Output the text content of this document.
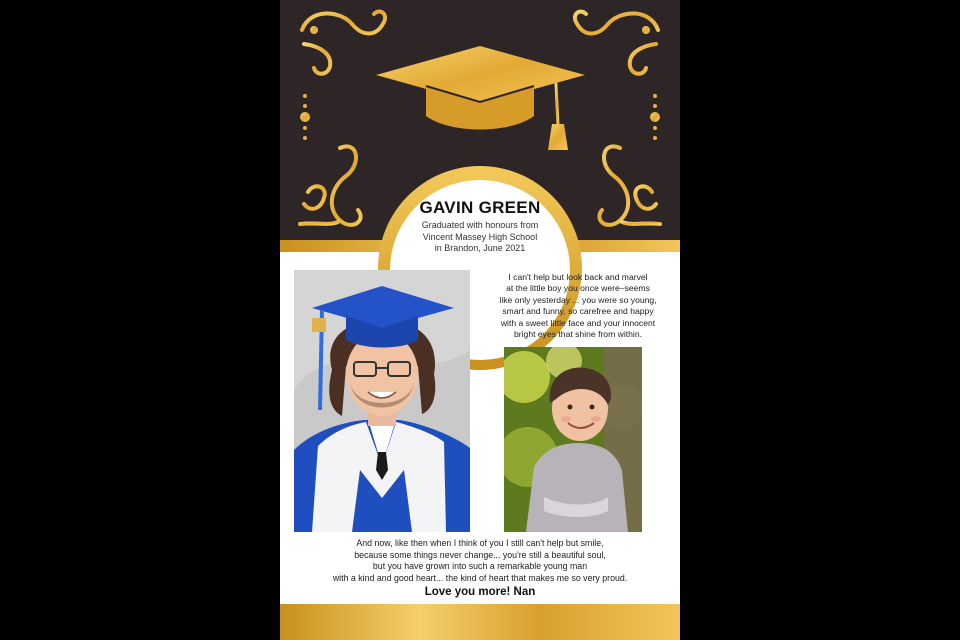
GAVIN GREEN
Graduated with honours from
Vincent Massey High School
in Brandon, June 2021
I can't help but look back and marvel
at the little boy you once were–seems
like only yesterday ... you were so young,
smart and funny, so carefree and happy
with a sweet little face and your innocent
bright eyes that shine from within.
And now, like then when I think of you I still can't help but smile,
because some things never change... you're still a beautiful soul,
but you have grown into such a remarkable young man
with a kind and good heart... the kind of heart that makes me so very proud.
Love you more! Nan
